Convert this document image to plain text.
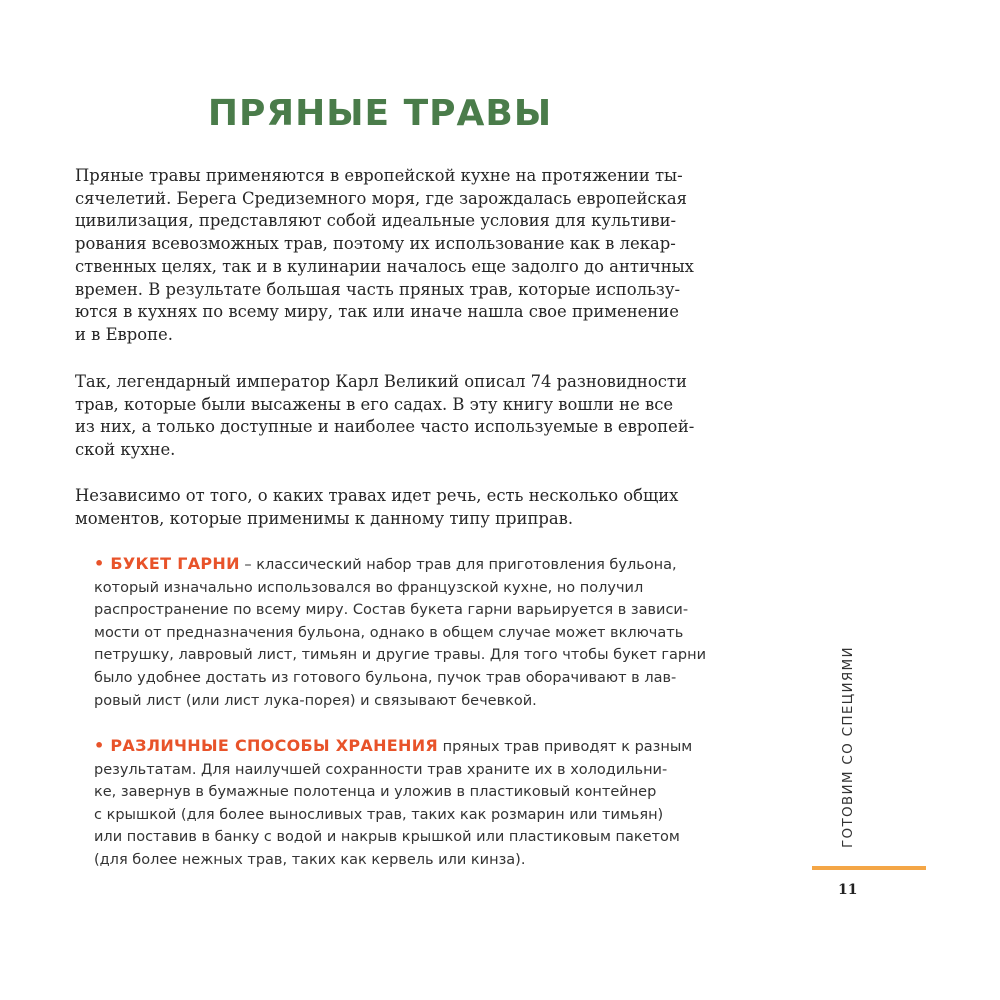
ПРЯНЫЕ ТРАВЫ
Пряные травы применяются в европейской кухне на протяжении ты-
сячелетий. Берега Средиземного моря, где зарождалась европейская
цивилизация, представляют собой идеальные условия для культиви-
рования всевозможных трав, поэтому их использование как в лекар-
ственных целях, так и в кулинарии началось еще задолго до античных
времен. В результате большая часть пряных трав, которые использу-
ются в кухнях по всему миру, так или иначе нашла свое применение
и в Европе.
Так, легендарный император Карл Великий описал 74 разновидности
трав, которые были высажены в его садах. В эту книгу вошли не все
из них, а только доступные и наиболее часто используемые в европей-
ской кухне.
Независимо от того, о каких травах идет речь, есть несколько общих
моментов, которые применимы к данному типу приправ.
• БУКЕТ ГАРНИ – классический набор трав для приготовления бульона,
который изначально использовался во французской кухне, но получил
распространение по всему миру. Состав букета гарни варьируется в зависи-
мости от предназначения бульона, однако в общем случае может включать
петрушку, лавровый лист, тимьян и другие травы. Для того чтобы букет гарни
было удобнее достать из готового бульона, пучок трав оборачивают в лав-
ровый лист (или лист лука-порея) и связывают бечевкой.
• РАЗЛИЧНЫЕ СПОСОБЫ ХРАНЕНИЯ пряных трав приводят к разным
результатам. Для наилучшей сохранности трав храните их в холодильни-
ке, завернув в бумажные полотенца и уложив в пластиковый контейнер
с крышкой (для более выносливых трав, таких как розмарин или тимьян)
или поставив в банку с водой и накрыв крышкой или пластиковым пакетом
(для более нежных трав, таких как кервель или кинза).
ГОТОВИМ СО СПЕЦИЯМИ
11
